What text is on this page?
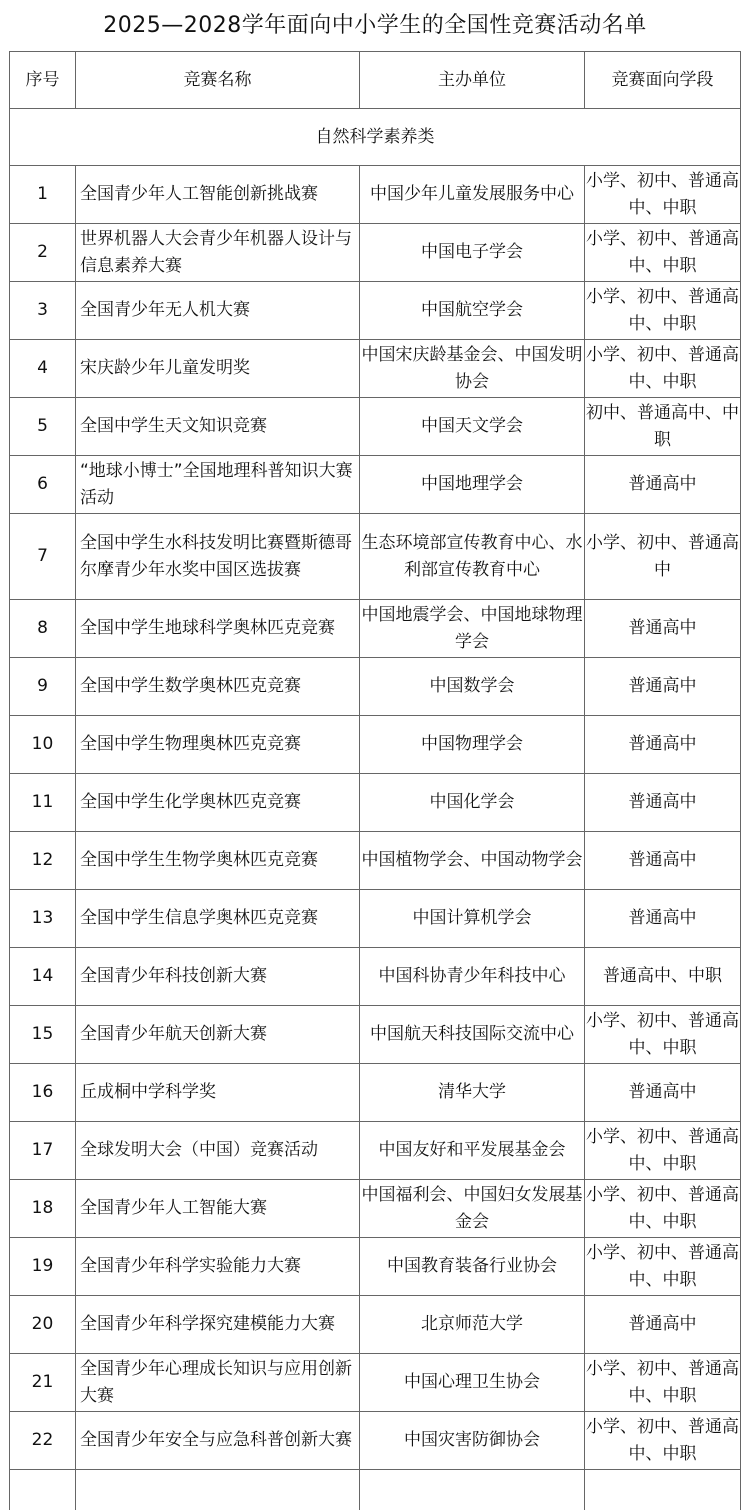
2025—2028学年面向中小学生的全国性竞赛活动名单
序号	竞赛名称	主办单位	竞赛面向学段
自然科学素养类			
1	全国青少年人工智能创新挑战赛	中国少年儿童发展服务中心	小学、初中、普通高中、中职
2	世界机器人大会青少年机器人设计与信息素养大赛	中国电子学会	小学、初中、普通高中、中职
3	全国青少年无人机大赛	中国航空学会	小学、初中、普通高中、中职
4	宋庆龄少年儿童发明奖	中国宋庆龄基金会、中国发明协会	小学、初中、普通高中、中职
5	全国中学生天文知识竞赛	中国天文学会	初中、普通高中、中职
6	“地球小博士”全国地理科普知识大赛活动	中国地理学会	普通高中
7	全国中学生水科技发明比赛暨斯德哥尔摩青少年水奖中国区选拔赛	生态环境部宣传教育中心、水利部宣传教育中心	小学、初中、普通高中
8	全国中学生地球科学奥林匹克竞赛	中国地震学会、中国地球物理学会	普通高中
9	全国中学生数学奥林匹克竞赛	中国数学会	普通高中
10	全国中学生物理奥林匹克竞赛	中国物理学会	普通高中
11	全国中学生化学奥林匹克竞赛	中国化学会	普通高中
12	全国中学生生物学奥林匹克竞赛	中国植物学会、中国动物学会	普通高中
13	全国中学生信息学奥林匹克竞赛	中国计算机学会	普通高中
14	全国青少年科技创新大赛	中国科协青少年科技中心	普通高中、中职
15	全国青少年航天创新大赛	中国航天科技国际交流中心	小学、初中、普通高中、中职
16	丘成桐中学科学奖	清华大学	普通高中
17	全球发明大会（中国）竞赛活动	中国友好和平发展基金会	小学、初中、普通高中、中职
18	全国青少年人工智能大赛	中国福利会、中国妇女发展基金会	小学、初中、普通高中、中职
19	全国青少年科学实验能力大赛	中国教育装备行业协会	小学、初中、普通高中、中职
20	全国青少年科学探究建模能力大赛	北京师范大学	普通高中
21	全国青少年心理成长知识与应用创新大赛	中国心理卫生协会	小学、初中、普通高中、中职
22	全国青少年安全与应急科普创新大赛	中国灾害防御协会	小学、初中、普通高中、中职
